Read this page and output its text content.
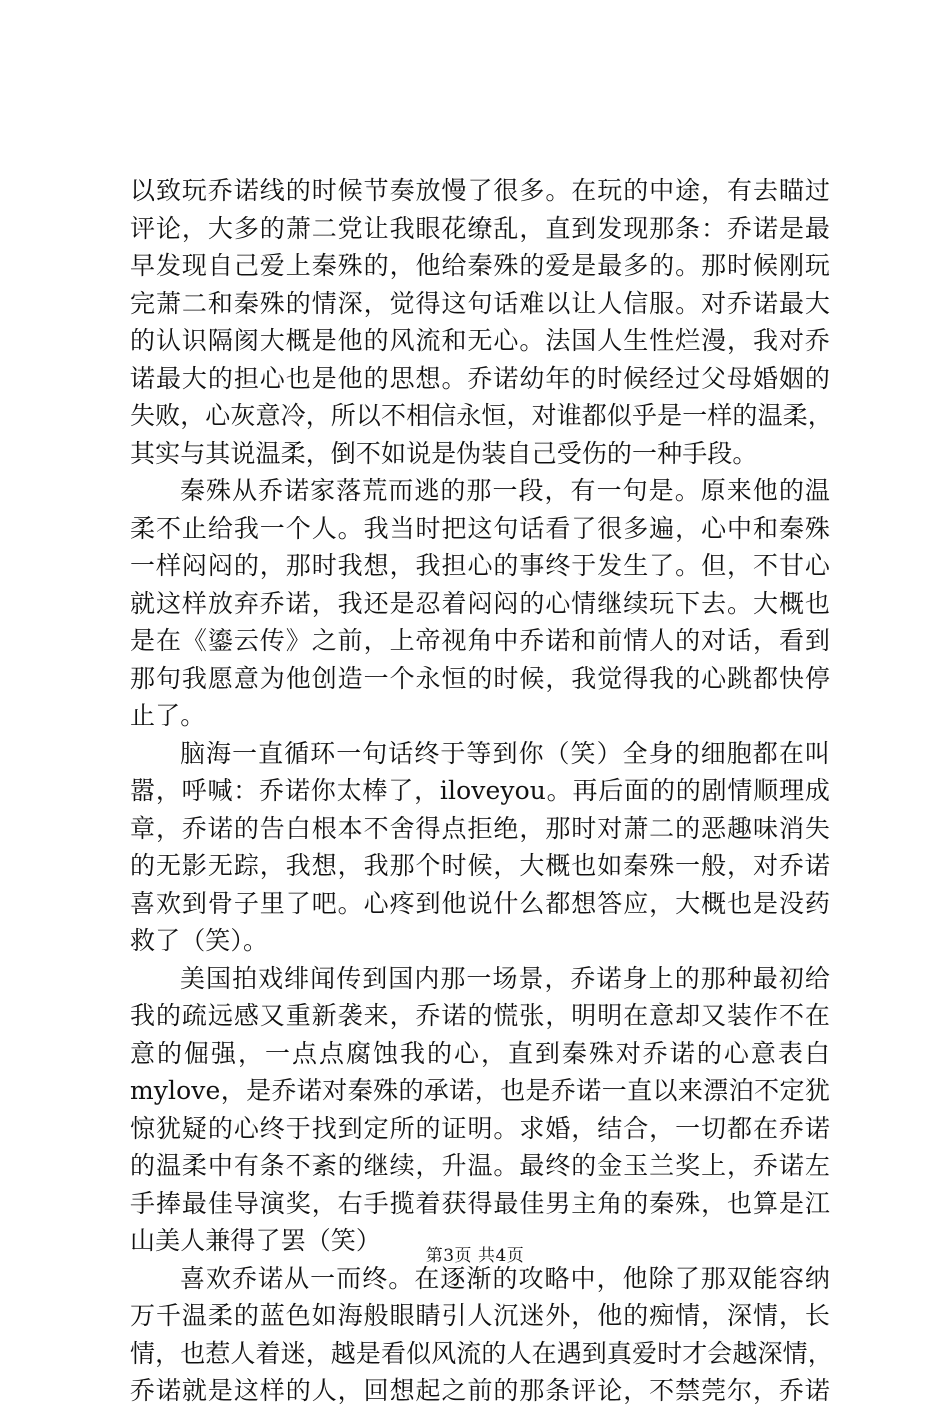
以致玩乔诺线的时候节奏放慢了很多。在玩的中途，有去瞄过
评论，大多的萧二党让我眼花缭乱，直到发现那条：乔诺是最
早发现自己爱上秦殊的，他给秦殊的爱是最多的。那时候刚玩
完萧二和秦殊的情深，觉得这句话难以让人信服。对乔诺最大
的认识隔阂大概是他的风流和无心。法国人生性烂漫，我对乔
诺最大的担心也是他的思想。乔诺幼年的时候经过父母婚姻的
失败，心灰意冷，所以不相信永恒，对谁都似乎是一样的温柔，
其实与其说温柔，倒不如说是伪装自己受伤的一种手段。
秦殊从乔诺家落荒而逃的那一段，有一句是。原来他的温
柔不止给我一个人。我当时把这句话看了很多遍，心中和秦殊
一样闷闷的，那时我想，我担心的事终于发生了。但，不甘心
就这样放弃乔诺，我还是忍着闷闷的心情继续玩下去。大概也
是在《鎏云传》之前，上帝视角中乔诺和前情人的对话，看到
那句我愿意为他创造一个永恒的时候，我觉得我的心跳都快停
止了。
脑海一直循环一句话终于等到你（笑）全身的细胞都在叫
嚣，呼喊：乔诺你太棒了，iloveyou。再后面的的剧情顺理成
章，乔诺的告白根本不舍得点拒绝，那时对萧二的恶趣味消失
的无影无踪，我想，我那个时候，大概也如秦殊一般，对乔诺
喜欢到骨子里了吧。心疼到他说什么都想答应，大概也是没药
救了（笑）。
美国拍戏绯闻传到国内那一场景，乔诺身上的那种最初给
我的疏远感又重新袭来，乔诺的慌张，明明在意却又装作不在
意的倔强，一点点腐蚀我的心，直到秦殊对乔诺的心意表白
mylove，是乔诺对秦殊的承诺，也是乔诺一直以来漂泊不定犹
惊犹疑的心终于找到定所的证明。求婚，结合，一切都在乔诺
的温柔中有条不紊的继续，升温。最终的金玉兰奖上，乔诺左
手捧最佳导演奖，右手揽着获得最佳男主角的秦殊，也算是江
山美人兼得了罢（笑）
喜欢乔诺从一而终。在逐渐的攻略中，他除了那双能容纳
万千温柔的蓝色如海般眼睛引人沉迷外，他的痴情，深情，长
情，也惹人着迷，越是看似风流的人在遇到真爱时才会越深情，
乔诺就是这样的人，回想起之前的那条评论，不禁莞尔，乔诺
第3页 共4页
